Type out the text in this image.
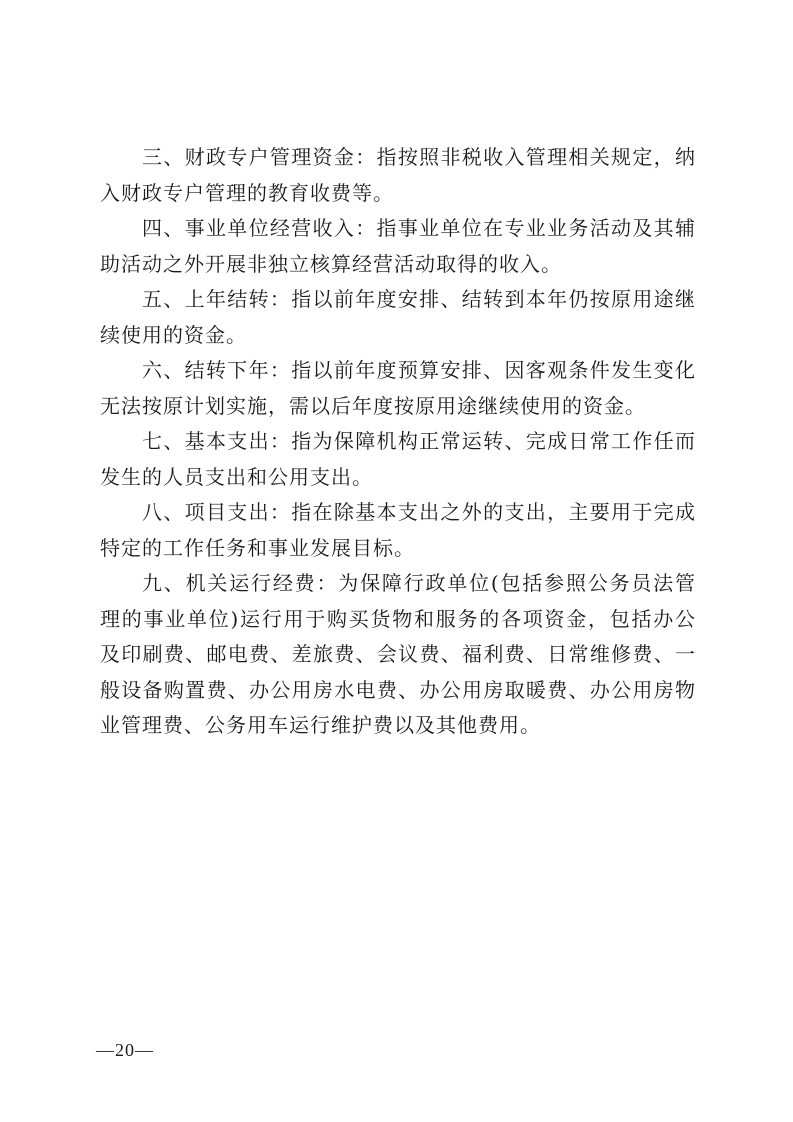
三、财政专户管理资金：指按照非税收入管理相关规定，纳入财政专户管理的教育收费等。

四、事业单位经营收入：指事业单位在专业业务活动及其辅助活动之外开展非独立核算经营活动取得的收入。

五、上年结转：指以前年度安排、结转到本年仍按原用途继续使用的资金。

六、结转下年：指以前年度预算安排、因客观条件发生变化无法按原计划实施，需以后年度按原用途继续使用的资金。

七、基本支出：指为保障机构正常运转、完成日常工作任而发生的人员支出和公用支出。

八、项目支出：指在除基本支出之外的支出，主要用于完成特定的工作任务和事业发展目标。

九、机关运行经费：为保障行政单位(包括参照公务员法管理的事业单位)运行用于购买货物和服务的各项资金，包括办公及印刷费、邮电费、差旅费、会议费、福利费、日常维修费、一般设备购置费、办公用房水电费、办公用房取暖费、办公用房物业管理费、公务用车运行维护费以及其他费用。

—20—
